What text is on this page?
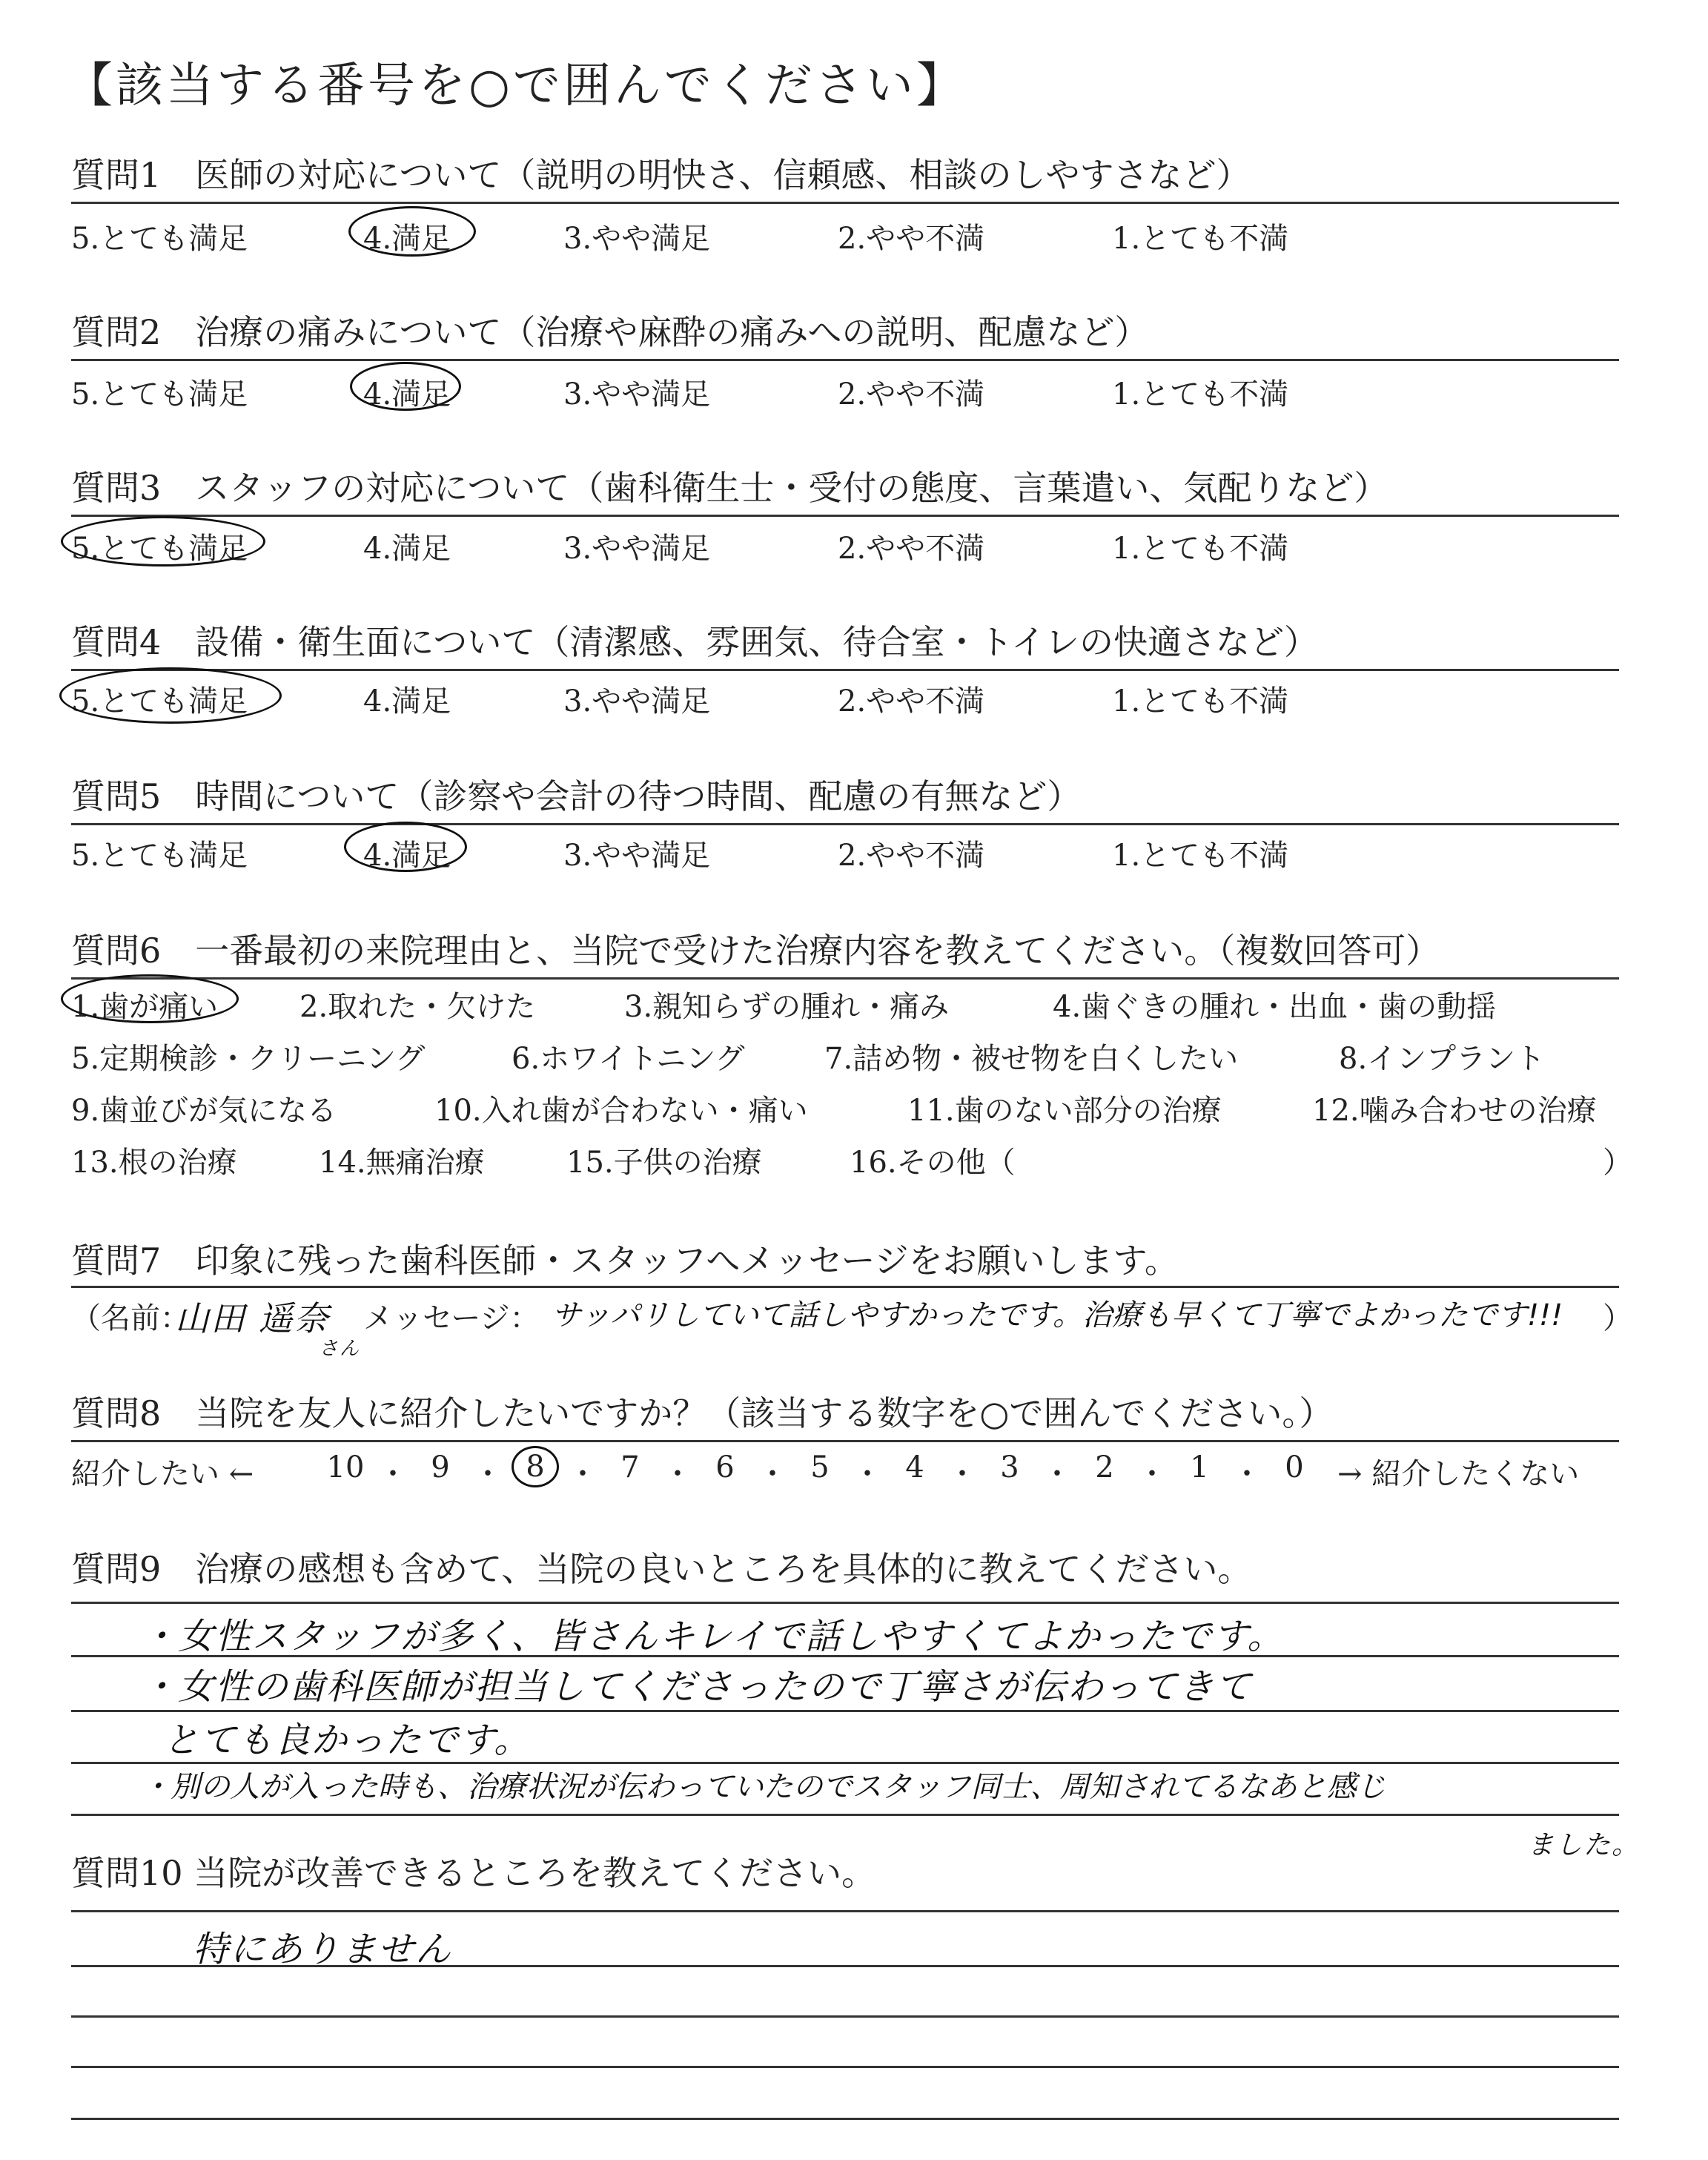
【該当する番号を○で囲んでください】
質問1　医師の対応について（説明の明快さ、信頼感、相談のしやすさなど）
5.とても満足	4.満足	3.やや満足	2.やや不満	1.とても不満
質問2　治療の痛みについて（治療や麻酔の痛みへの説明、配慮など）
5.とても満足	4.満足	3.やや満足	2.やや不満	1.とても不満
質問3　スタッフの対応について（歯科衛生士・受付の態度、言葉遣い、気配りなど）
5.とても満足	4.満足	3.やや満足	2.やや不満	1.とても不満
質問4　設備・衛生面について（清潔感、雰囲気、待合室・トイレの快適さなど）
5.とても満足	4.満足	3.やや満足	2.やや不満	1.とても不満
質問5　時間について（診察や会計の待つ時間、配慮の有無など）
5.とても満足	4.満足	3.やや満足	2.やや不満	1.とても不満
質問6　一番最初の来院理由と、当院で受けた治療内容を教えてください。（複数回答可）
1.歯が痛い	2.取れた・欠けた	3.親知らずの腫れ・痛み	4.歯ぐきの腫れ・出血・歯の動揺
5.定期検診・クリーニング	6.ホワイトニング	7.詰め物・被せ物を白くしたい	8.インプラント
9.歯並びが気になる	10.入れ歯が合わない・痛い	11.歯のない部分の治療	12.噛み合わせの治療
13.根の治療	14.無痛治療	15.子供の治療	16.その他（	）
質問7　印象に残った歯科医師・スタッフへメッセージをお願いします。
（名前：
山田 遥奈
さん
メッセージ： サッパリしていて話しやすかったです。治療も早くて丁寧でよかったです!!! ）
質問8　当院を友人に紹介したいですか？（該当する数字を○で囲んでください。）
紹介したい ← 10 ・ 9 ・ 8 ・ 7 ・ 6 ・ 5 ・ 4 ・ 3 ・ 2 ・ 1 ・ 0	→ 紹介したくない
質問9　治療の感想も含めて、当院の良いところを具体的に教えてください。
・女性スタッフが多く、皆さんキレイで話しやすくてよかったです。
・女性の歯科医師が担当してくださったので丁寧さが伝わってきて
とても良かったです。
・別の人が入った時も、治療状況が伝わっていたのでスタッフ同士、周知されてるなあと感じ
ました。
質問10 当院が改善できるところを教えてください。
特にありません
